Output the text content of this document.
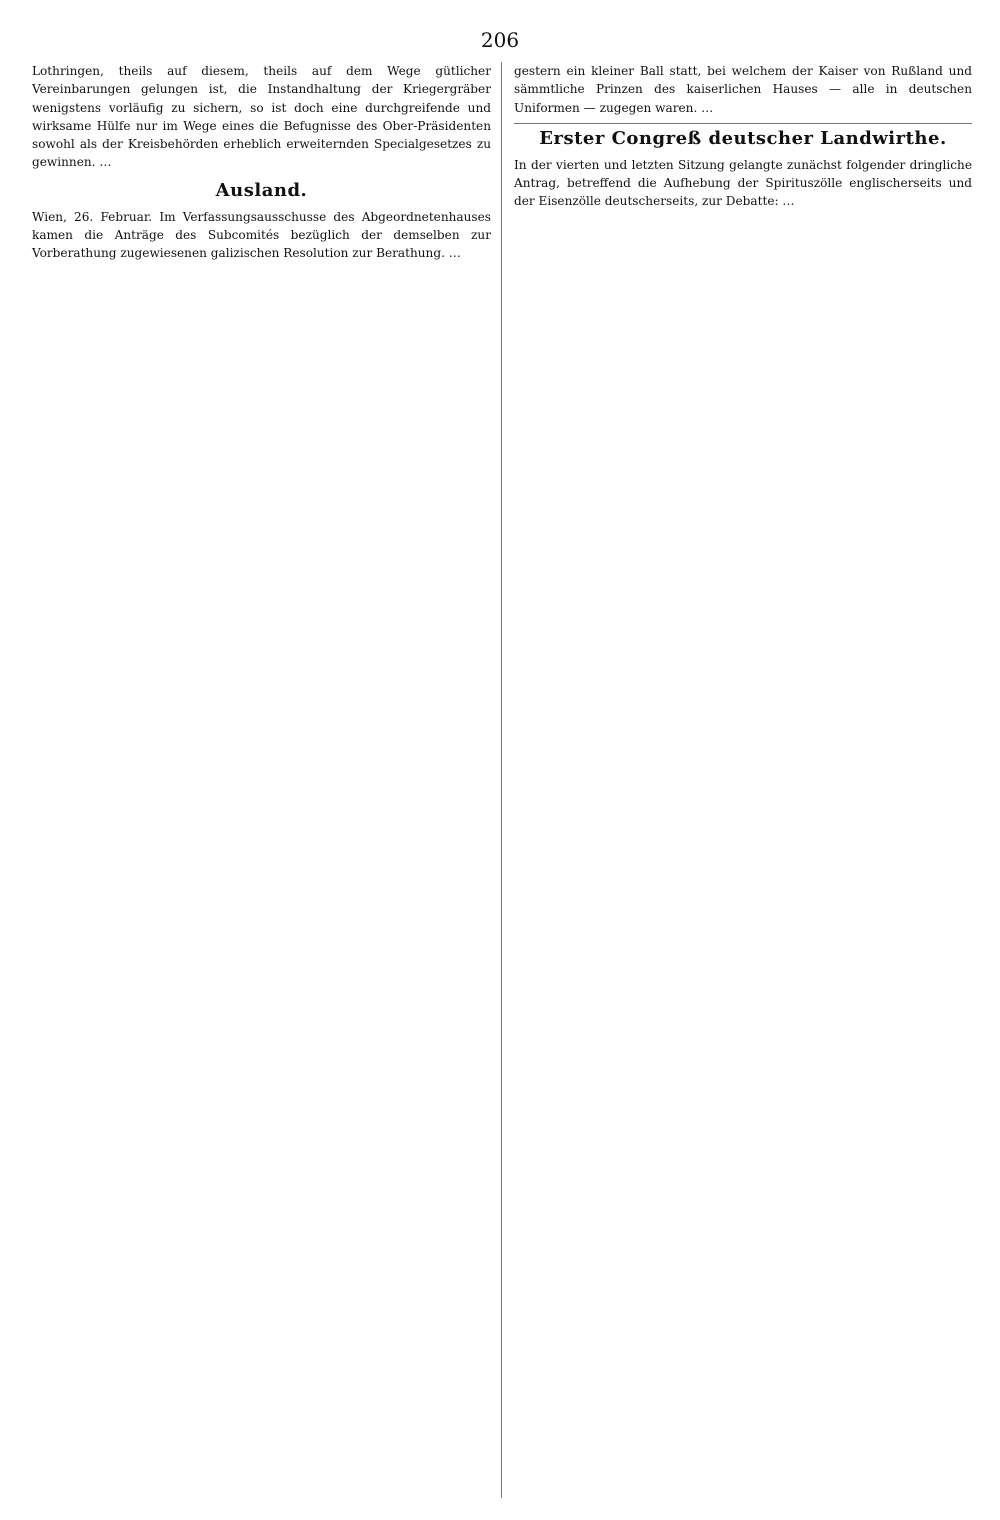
206

Lothringen, theils auf diesem, theils auf dem Wege gütlicher Vereinbarungen gelungen ist, die Instandhaltung der Kriegergräber wenigstens vorläufig zu sichern, so ist doch eine durchgreifende und wirksame Hülfe nur im Wege eines die Befugnisse des Ober-Präsidenten sowohl als der Kreisbehörden erheblich erweiternden Specialgesetzes zu gewinnen. …

Ausland.

Wien, 26. Februar. Im Verfassungsausschusse des Abgeordnetenhauses kamen die Anträge des Subcomités bezüglich der demselben zur Vorberathung zugewiesenen galizischen Resolution zur Berathung. …

gestern ein kleiner Ball statt, bei welchem der Kaiser von Rußland und sämmtliche Prinzen des kaiserlichen Hauses — alle in deutschen Uniformen — zugegen waren. …

Erster Congreß deutscher Landwirthe.

In der vierten und letzten Sitzung gelangte zunächst folgender dringliche Antrag, betreffend die Aufhebung der Spirituszölle englischerseits und der Eisenzölle deutscherseits, zur Debatte: …
